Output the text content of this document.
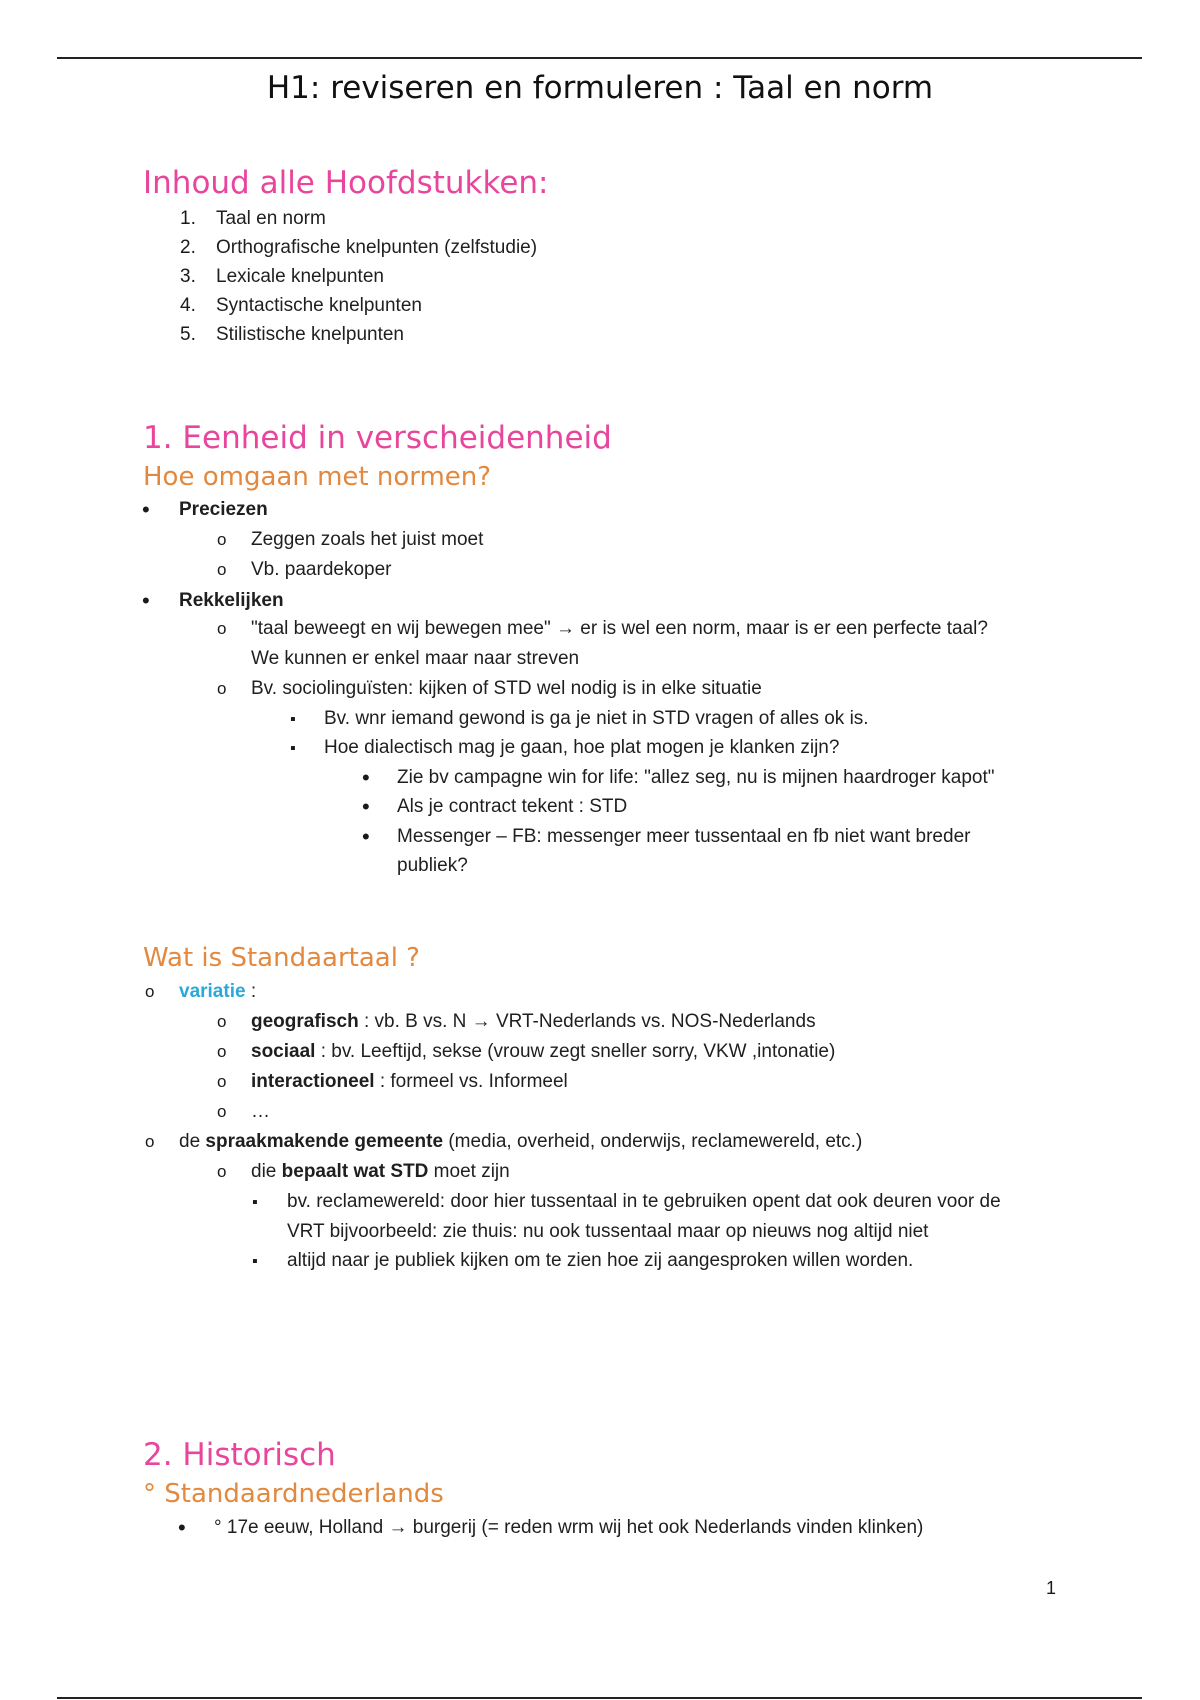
H1: reviseren en formuleren : Taal en norm
Inhoud alle Hoofdstukken:
1. Taal en norm
2. Orthografische knelpunten (zelfstudie)
3. Lexicale knelpunten
4. Syntactische knelpunten
5. Stilistische knelpunten
1. Eenheid in verscheidenheid
Hoe omgaan met normen?
•
Preciezen
o
Zeggen zoals het juist moet
o
Vb. paardekoper
•
Rekkelijken
o
"taal beweegt en wij bewegen mee" → er is wel een norm, maar is er een perfecte taal?
We kunnen er enkel maar naar streven
o
Bv. sociolinguïsten: kijken of STD wel nodig is in elke situatie
▪
Bv. wnr iemand gewond is ga je niet in STD vragen of alles ok is.
▪
Hoe dialectisch mag je gaan, hoe plat mogen je klanken zijn?
•
Zie bv campagne win for life: "allez seg, nu is mijnen haardroger kapot"
•
Als je contract tekent : STD
•
Messenger – FB: messenger meer tussentaal en fb niet want breder
publiek?
Wat is Standaartaal ?
o
variatie :
o
geografisch : vb. B vs. N → VRT-Nederlands vs. NOS-Nederlands
o
sociaal : bv. Leeftijd, sekse (vrouw zegt sneller sorry, VKW ,intonatie)
o
interactioneel : formeel vs. Informeel
o
…
o
de spraakmakende gemeente (media, overheid, onderwijs, reclamewereld, etc.)
o
die bepaalt wat STD moet zijn
▪
bv. reclamewereld: door hier tussentaal in te gebruiken opent dat ook deuren voor de
VRT bijvoorbeeld: zie thuis: nu ook tussentaal maar op nieuws nog altijd niet
▪
altijd naar je publiek kijken om te zien hoe zij aangesproken willen worden.
2. Historisch
° Standaardnederlands
•
° 17e eeuw, Holland → burgerij (= reden wrm wij het ook Nederlands vinden klinken)
1
